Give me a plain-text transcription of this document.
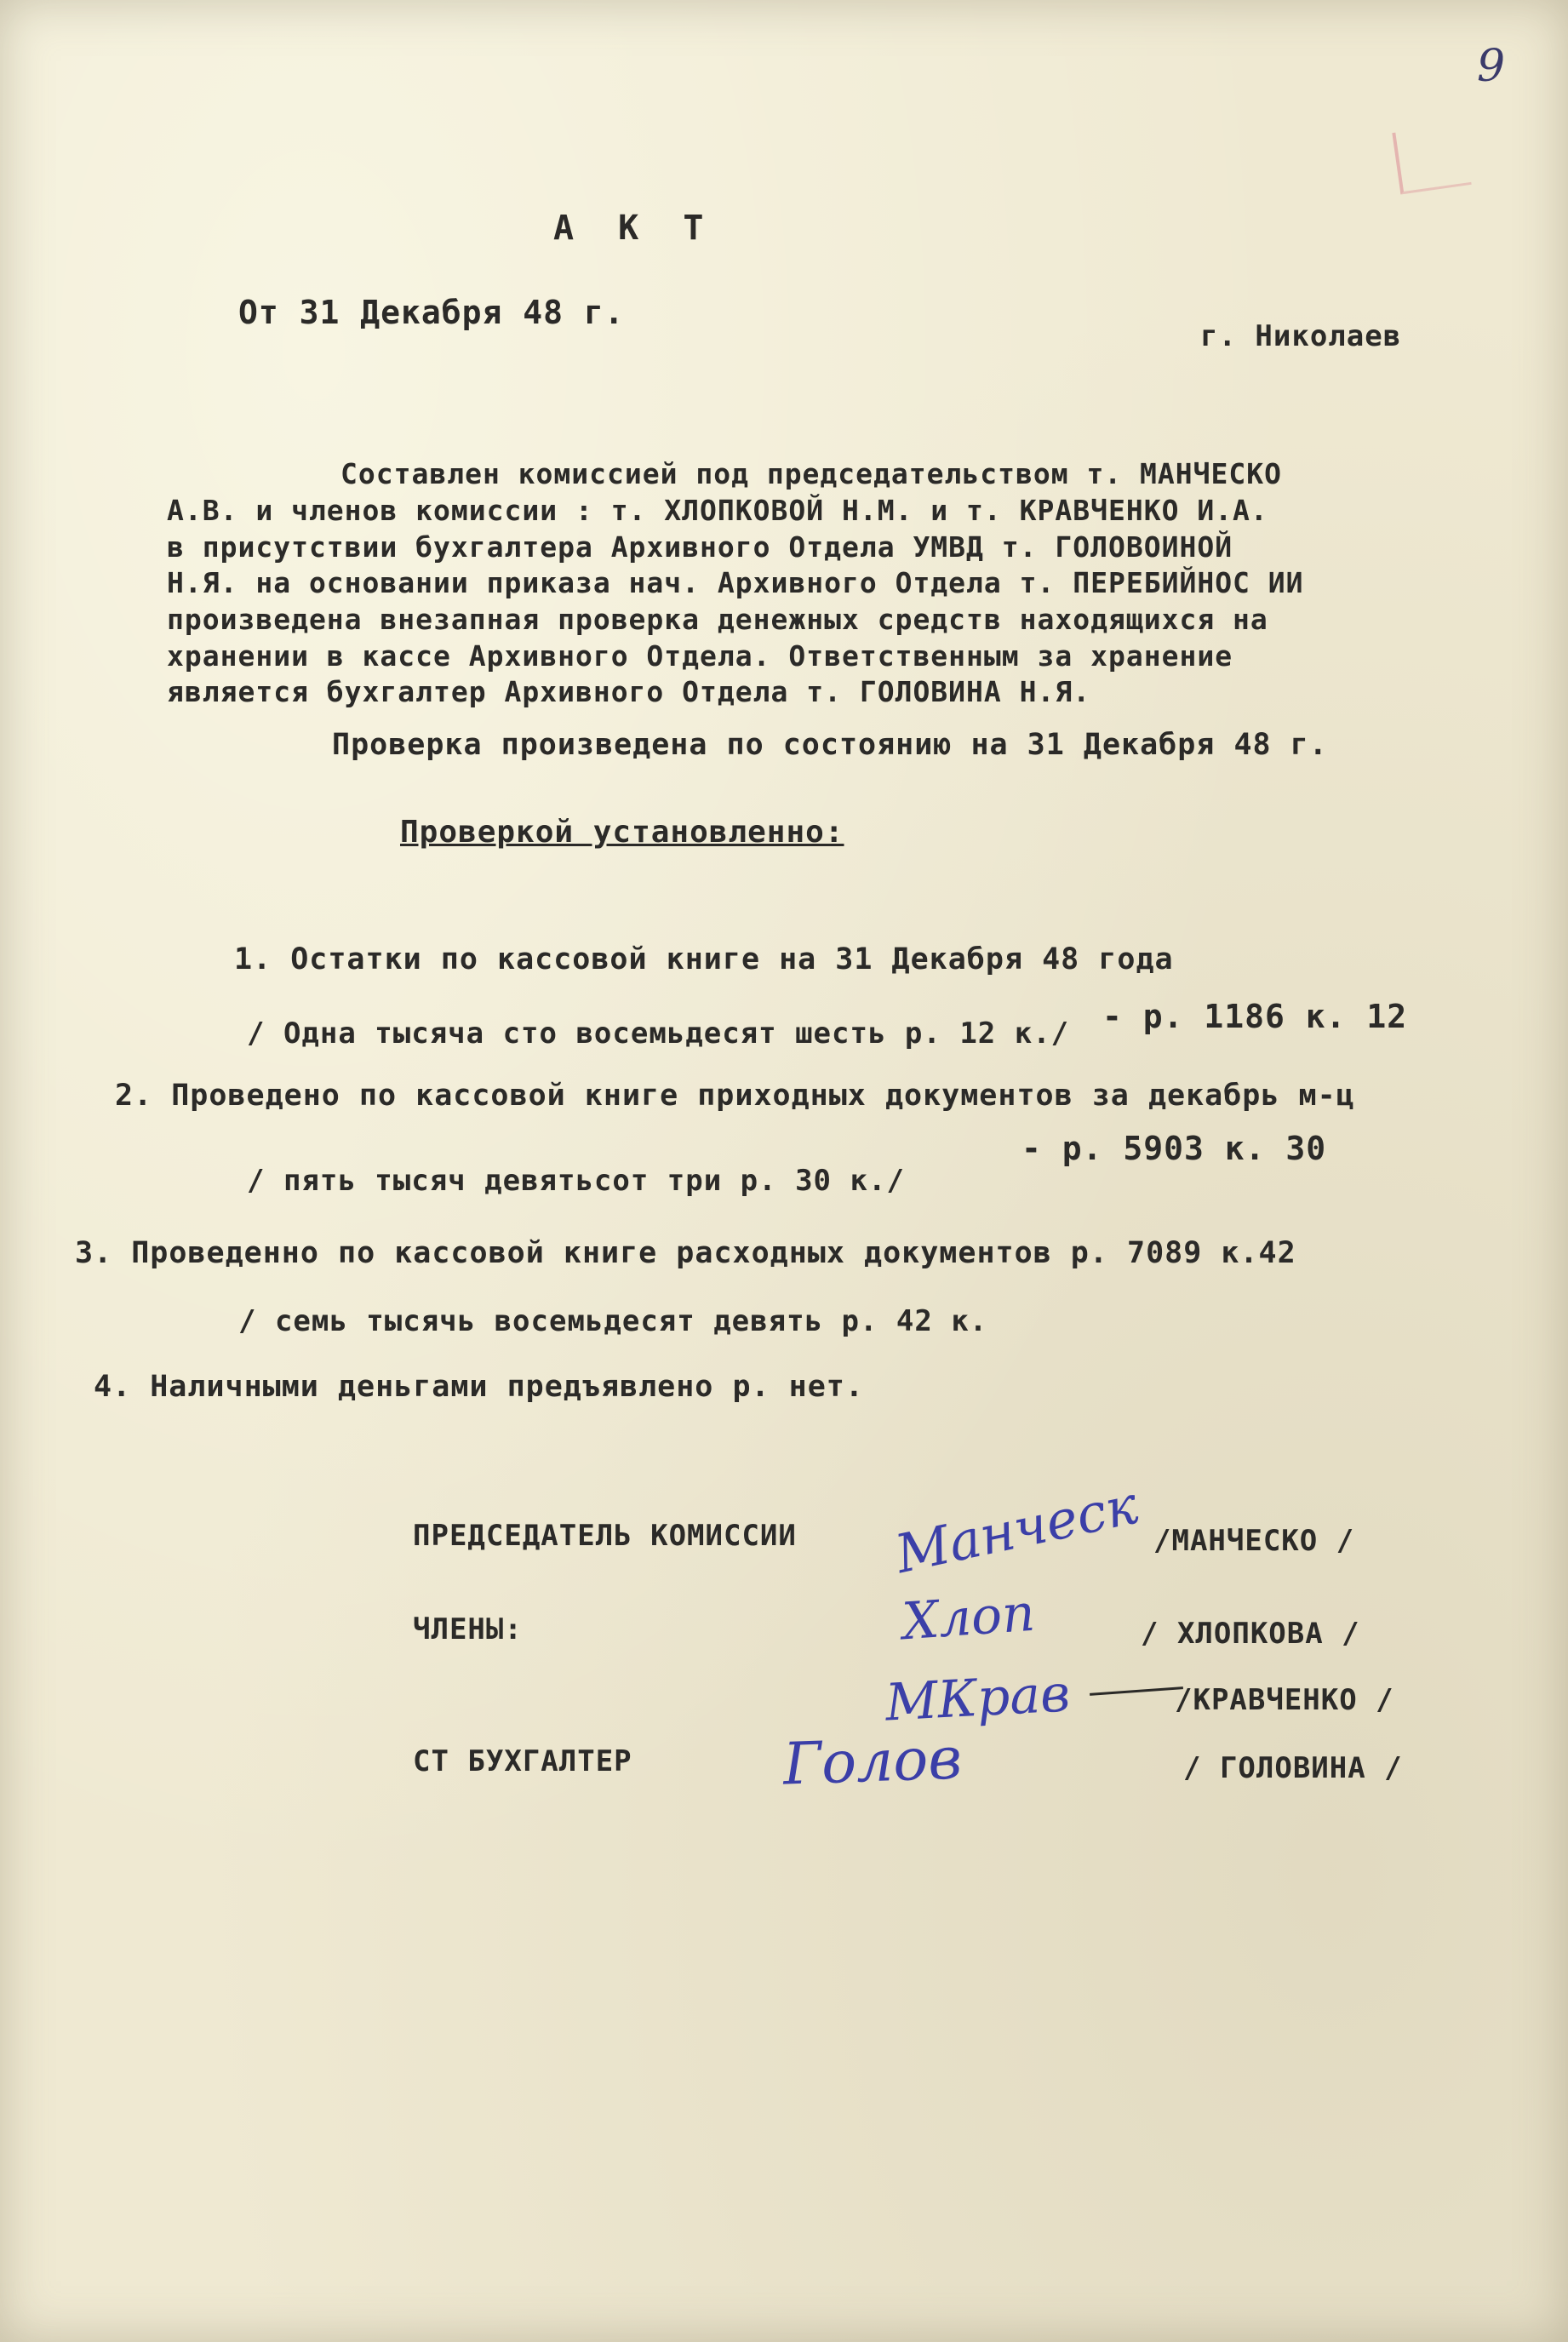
9
А К Т
От 31 Декабря 48 г.
г. Николаев
Составлен комиссией под председательством т. МАНЧЕСКО
А.В. и членов комиссии : т. ХЛОПКОВОЙ Н.М. и т. КРАВЧЕНКО И.А.
в присутствии бухгалтера Архивного Отдела УМВД т. ГОЛОВОИНОЙ
Н.Я. на основании приказа нач. Архивного Отдела т. ПЕРЕБИЙНОС ИИ
произведена внезапная проверка денежных средств находящихся на
хранении в кассе Архивного Отдела. Ответственным за хранение
является бухгалтер Архивного Отдела т. ГОЛОВИНА Н.Я.
Проверка произведена по состоянию на 31 Декабря 48 г.
Проверкой установленно:
1. Остатки по кассовой книге на 31 Декабря 48 года
- р. 1186 к. 12
/ Одна тысяча сто восемьдесят шесть р. 12 к./
2. Проведено по кассовой книге приходных документов за декабрь м-ц
- р. 5903 к. 30
/ пять тысяч девятьсот три р. 30 к./
3. Проведенно по кассовой книге расходных документов р. 7089 к.42
/ семь тысячь восемьдесят девять р. 42 к.
4. Наличными деньгами предъявлено р. нет.
ПРЕДСЕДАТЕЛЬ КОМИССИИ Манческ /МАНЧЕСКО /
ЧЛЕНЫ:	Хлоп	/ ХЛОПКОВА /
МКрав	/КРАВЧЕНКО /
СТ БУХГАЛТЕР	Голов	/ ГОЛОВИНА /
